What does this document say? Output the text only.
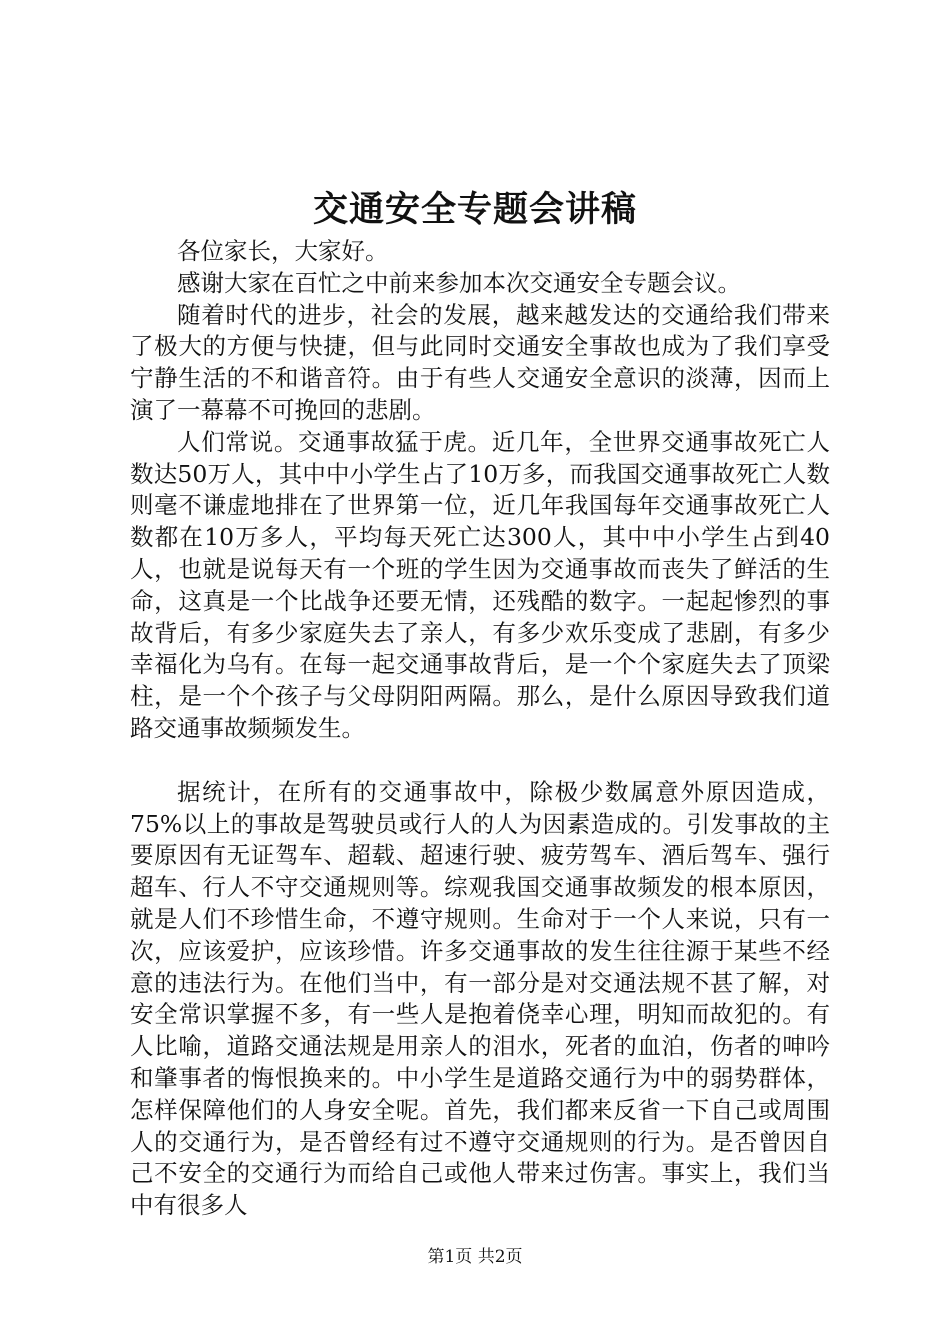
交通安全专题会讲稿

各位家长，大家好。

感谢大家在百忙之中前来参加本次交通安全专题会议。

随着时代的进步，社会的发展，越来越发达的交通给我们带来了极大的方便与快捷，但与此同时交通安全事故也成为了我们享受宁静生活的不和谐音符。由于有些人交通安全意识的淡薄，因而上演了一幕幕不可挽回的悲剧。

人们常说。交通事故猛于虎。近几年，全世界交通事故死亡人数达50万人，其中中小学生占了10万多，而我国交通事故死亡人数则毫不谦虚地排在了世界第一位，近几年我国每年交通事故死亡人数都在10万多人，平均每天死亡达300人，其中中小学生占到40人，也就是说每天有一个班的学生因为交通事故而丧失了鲜活的生命，这真是一个比战争还要无情，还残酷的数字。一起起惨烈的事故背后，有多少家庭失去了亲人，有多少欢乐变成了悲剧，有多少幸福化为乌有。在每一起交通事故背后，是一个个家庭失去了顶梁柱，是一个个孩子与父母阴阳两隔。那么，是什么原因导致我们道路交通事故频频发生。

据统计，在所有的交通事故中，除极少数属意外原因造成，75%以上的事故是驾驶员或行人的人为因素造成的。引发事故的主要原因有无证驾车、超载、超速行驶、疲劳驾车、酒后驾车、强行超车、行人不守交通规则等。综观我国交通事故频发的根本原因，就是人们不珍惜生命，不遵守规则。生命对于一个人来说，只有一次，应该爱护，应该珍惜。许多交通事故的发生往往源于某些不经意的违法行为。在他们当中，有一部分是对交通法规不甚了解，对安全常识掌握不多，有一些人是抱着侥幸心理，明知而故犯的。有人比喻，道路交通法规是用亲人的泪水，死者的血泊，伤者的呻吟和肇事者的悔恨换来的。中小学生是道路交通行为中的弱势群体，怎样保障他们的人身安全呢。首先，我们都来反省一下自己或周围人的交通行为，是否曾经有过不遵守交通规则的行为。是否曾因自己不安全的交通行为而给自己或他人带来过伤害。事实上，我们当中有很多人

第1页 共2页
